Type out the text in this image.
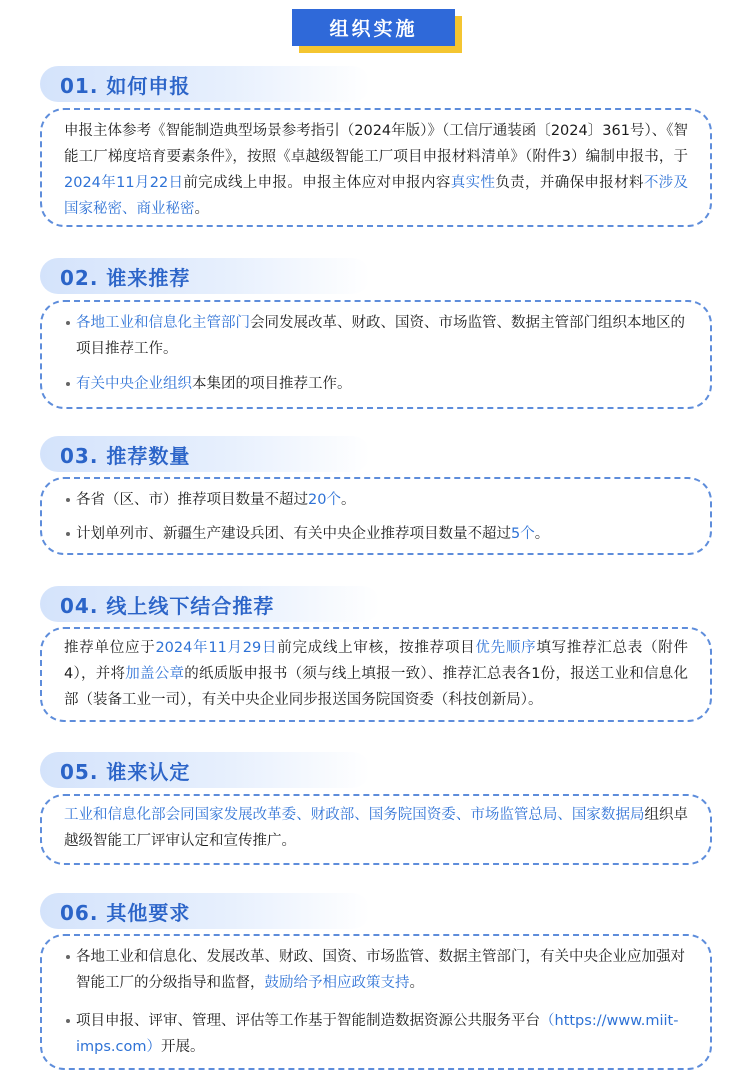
组织实施
01. 如何申报
申报主体参考《智能制造典型场景参考指引（2024年版）》（工信厅通装函〔2024〕361号）、《智能工厂梯度培育要素条件》，按照《卓越级智能工厂项目申报材料清单》（附件3）编制申报书，于2024年11月22日前完成线上申报。申报主体应对申报内容真实性负责，并确保申报材料不涉及国家秘密、商业秘密。
02. 谁来推荐
各地工业和信息化主管部门会同发展改革、财政、国资、市场监管、数据主管部门组织本地区的项目推荐工作。
有关中央企业组织本集团的项目推荐工作。
03. 推荐数量
各省（区、市）推荐项目数量不超过20个。
计划单列市、新疆生产建设兵团、有关中央企业推荐项目数量不超过5个。
04. 线上线下结合推荐
推荐单位应于2024年11月29日前完成线上审核，按推荐项目优先顺序填写推荐汇总表（附件4），并将加盖公章的纸质版申报书（须与线上填报一致）、推荐汇总表各1份，报送工业和信息化部（装备工业一司），有关中央企业同步报送国务院国资委（科技创新局）。
05. 谁来认定
工业和信息化部会同国家发展改革委、财政部、国务院国资委、市场监管总局、国家数据局组织卓越级智能工厂评审认定和宣传推广。
06. 其他要求
各地工业和信息化、发展改革、财政、国资、市场监管、数据主管部门，有关中央企业应加强对智能工厂的分级指导和监督，鼓励给予相应政策支持。
项目申报、评审、管理、评估等工作基于智能制造数据资源公共服务平台（https://www.miit-imps.com）开展。
